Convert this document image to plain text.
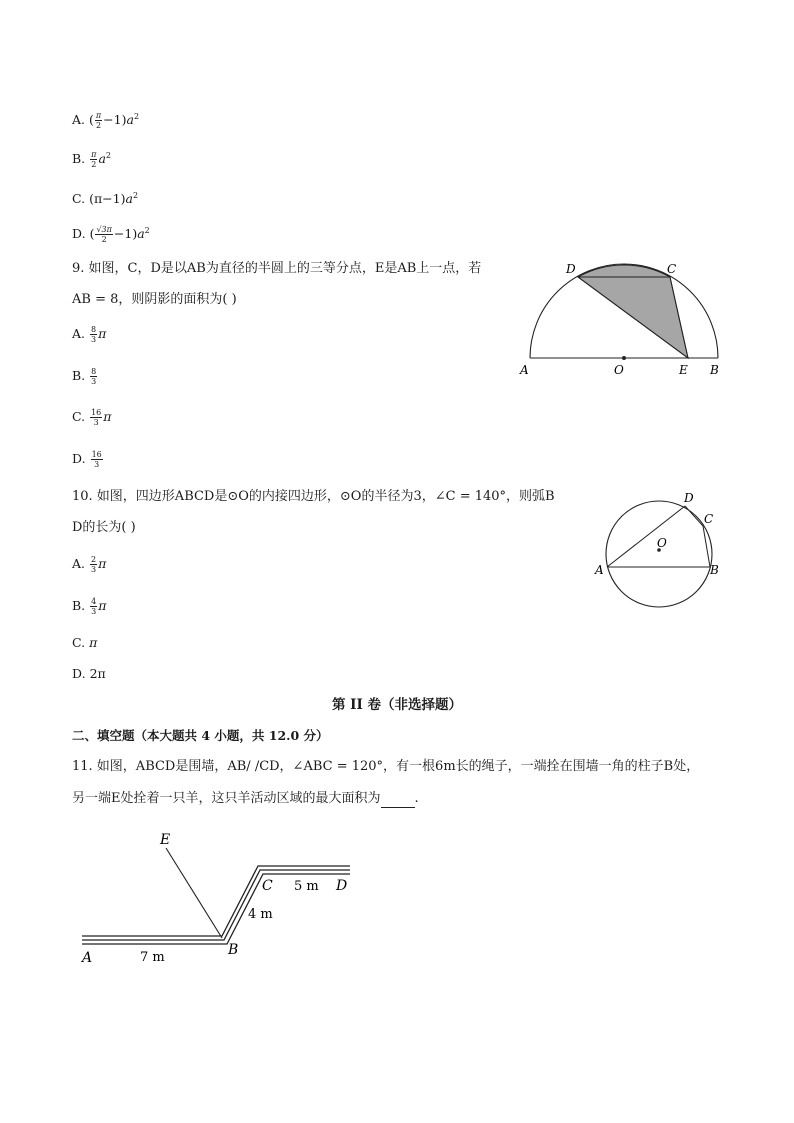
A. ( $\frac{\pi}{2} -1)a^2$
B. $\frac{\pi}{2} a^2$
C. $(\pi-1)a^2$
D. ( $\frac{√3\pi}{2} -1)a^2$
9. 如图，C，D是以AB为直径的半圆上的三等分点，E是AB上一点，若
AB = 8，则阴影的面积为( )
A. $\frac{8}{3}$ π
B. $\frac{8}{3}$
C. $\frac{16}{3}$ π
D. $\frac{16}{3}$
A	O	E B
D	C
10. 如图，四边形ABCD是⊙O的内接四边形，⊙O的半径为3，∠C = 140°，则弧B
D的长为( )
A. $\frac{2}{3}$ π
B. $\frac{4}{3}$ π
C. π
D. 2π
O
A	B
C
D
第 II 卷（非选择题）
二、填空题（本大题共 4 小题，共 12.0 分）
11. 如图，ABCD是围墙，AB/ /CD，∠ABC = 120°，有一根6m长的绳子，一端拴在围墙一角的柱子B处，
另一端E处拴着一只羊，这只羊活动区域的最大面积为	.
E
A	B
C	D
7 m
4 m
5 m
